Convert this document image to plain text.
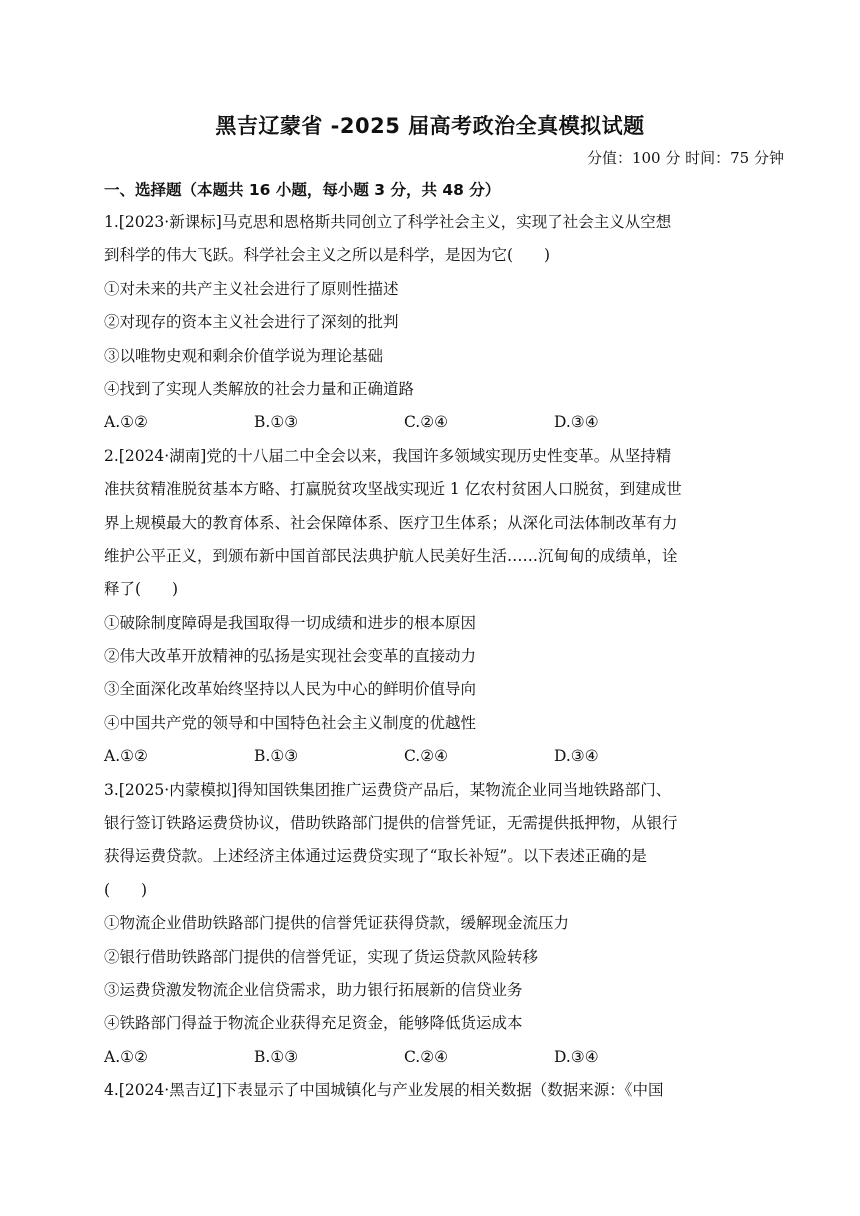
黑吉辽蒙省 -2025 届高考政治全真模拟试题
分值：100 分 时间：75 分钟
一、选择题（本题共 16 小题，每小题 3 分，共 48 分）
1.[2023·新课标]马克思和恩格斯共同创立了科学社会主义，实现了社会主义从空想
到科学的伟大飞跃。科学社会主义之所以是科学，是因为它(　　)
①对未来的共产主义社会进行了原则性描述
②对现存的资本主义社会进行了深刻的批判
③以唯物史观和剩余价值学说为理论基础
④找到了实现人类解放的社会力量和正确道路
A.①②	B.①③	C.②④	D.③④
2.[2024·湖南]党的十八届二中全会以来，我国许多领域实现历史性变革。从坚持精
准扶贫精准脱贫基本方略、打赢脱贫攻坚战实现近 1 亿农村贫困人口脱贫，到建成世
界上规模最大的教育体系、社会保障体系、医疗卫生体系；从深化司法体制改革有力
维护公平正义，到颁布新中国首部民法典护航人民美好生活……沉甸甸的成绩单，诠
释了(　　)
①破除制度障碍是我国取得一切成绩和进步的根本原因
②伟大改革开放精神的弘扬是实现社会变革的直接动力
③全面深化改革始终坚持以人民为中心的鲜明价值导向
④中国共产党的领导和中国特色社会主义制度的优越性
A.①②	B.①③	C.②④	D.③④
3.[2025·内蒙模拟]得知国铁集团推广运费贷产品后，某物流企业同当地铁路部门、
银行签订铁路运费贷协议，借助铁路部门提供的信誉凭证，无需提供抵押物，从银行
获得运费贷款。上述经济主体通过运费贷实现了“取长补短”。以下表述正确的是
(　　)
①物流企业借助铁路部门提供的信誉凭证获得贷款，缓解现金流压力
②银行借助铁路部门提供的信誉凭证，实现了货运贷款风险转移
③运费贷激发物流企业信贷需求，助力银行拓展新的信贷业务
④铁路部门得益于物流企业获得充足资金，能够降低货运成本
A.①②	B.①③	C.②④	D.③④
4.[2024·黑吉辽]下表显示了中国城镇化与产业发展的相关数据（数据来源：《中国
